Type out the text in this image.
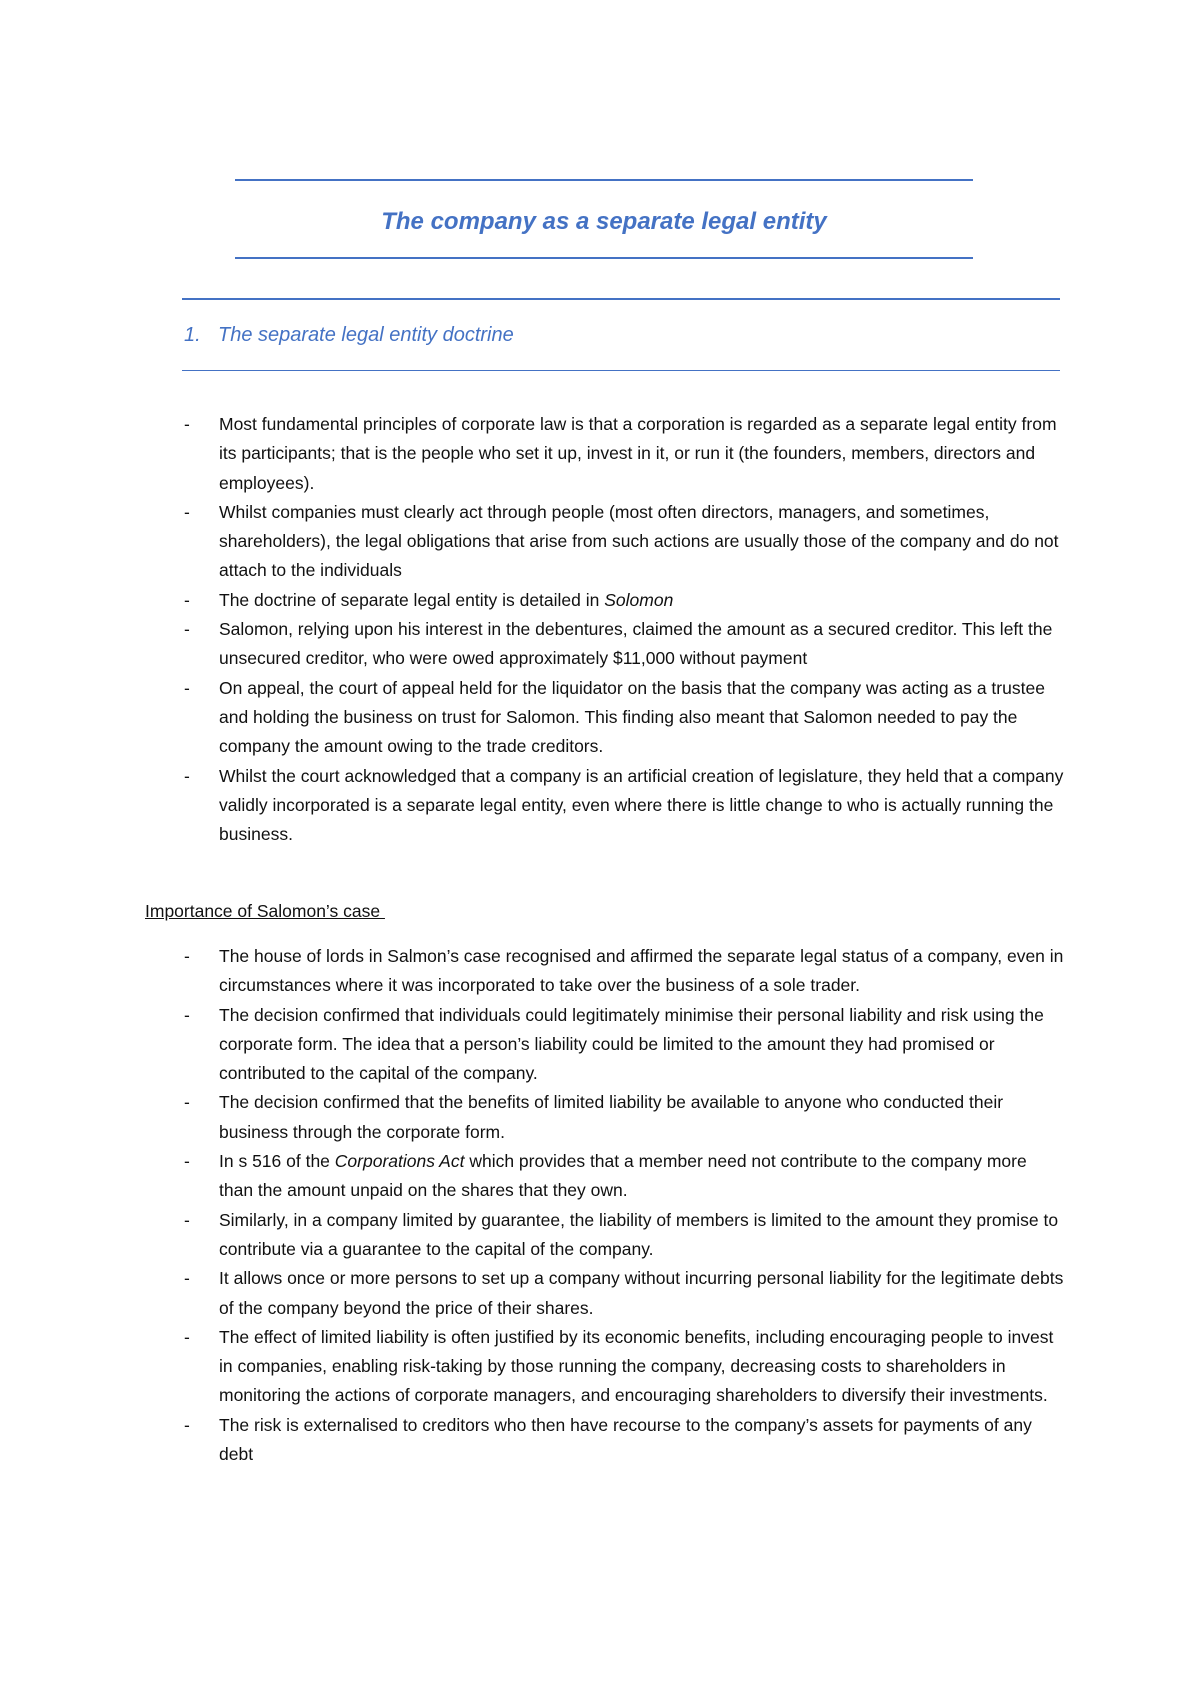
The company as a separate legal entity
1. The separate legal entity doctrine
-	Most fundamental principles of corporate law is that a corporation is regarded as a separate legal entity from its participants; that is the people who set it up, invest in it, or run it (the founders, members, directors and employees).
-	Whilst companies must clearly act through people (most often directors, managers, and sometimes, shareholders), the legal obligations that arise from such actions are usually those of the company and do not attach to the individuals
-	The doctrine of separate legal entity is detailed in Solomon
-	Salomon, relying upon his interest in the debentures, claimed the amount as a secured creditor. This left the unsecured creditor, who were owed approximately $11,000 without payment
-	On appeal, the court of appeal held for the liquidator on the basis that the company was acting as a trustee and holding the business on trust for Salomon. This finding also meant that Salomon needed to pay the company the amount owing to the trade creditors.
-	Whilst the court acknowledged that a company is an artificial creation of legislature, they held that a company validly incorporated is a separate legal entity, even where there is little change to who is actually running the business.
Importance of Salomon’s case
-	The house of lords in Salmon’s case recognised and affirmed the separate legal status of a company, even in circumstances where it was incorporated to take over the business of a sole trader.
-	The decision confirmed that individuals could legitimately minimise their personal liability and risk using the corporate form. The idea that a person’s liability could be limited to the amount they had promised or contributed to the capital of the company.
-	The decision confirmed that the benefits of limited liability be available to anyone who conducted their business through the corporate form.
-	In s 516 of the Corporations Act which provides that a member need not contribute to the company more than the amount unpaid on the shares that they own.
-	Similarly, in a company limited by guarantee, the liability of members is limited to the amount they promise to contribute via a guarantee to the capital of the company.
-	It allows once or more persons to set up a company without incurring personal liability for the legitimate debts of the company beyond the price of their shares.
-	The effect of limited liability is often justified by its economic benefits, including encouraging people to invest in companies, enabling risk-taking by those running the company, decreasing costs to shareholders in monitoring the actions of corporate managers, and encouraging shareholders to diversify their investments.
-	The risk is externalised to creditors who then have recourse to the company’s assets for payments of any debt
